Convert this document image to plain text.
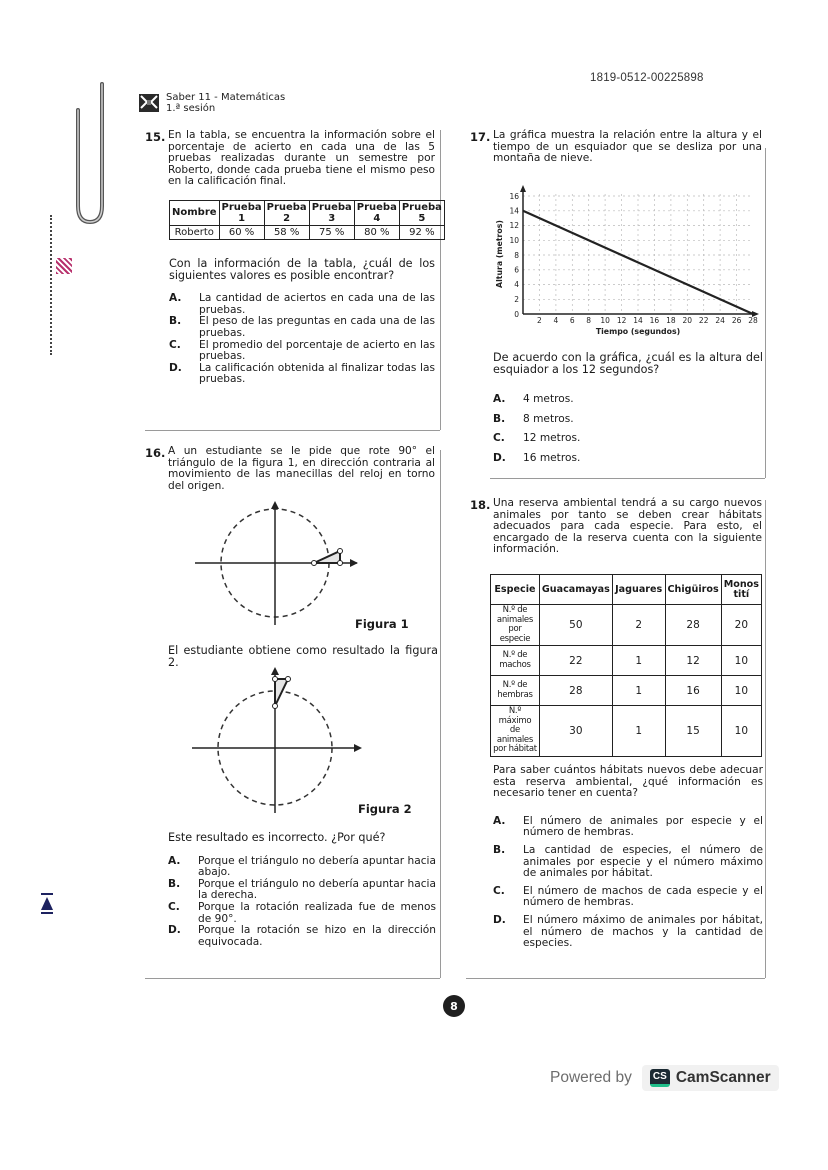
1819-0512-00225898
Saber 11 - Matemáticas
1.ª sesión
15. En la tabla, se encuentra la información sobre el porcentaje de acierto en cada una de las 5 pruebas realizadas durante un semestre por Roberto, donde cada prueba tiene el mismo peso en la calificación final.
Nombre	Prueba 1	Prueba 2	Prueba 3	Prueba 4	Prueba 5
Roberto	60 %	58 %	75 %	80 %	92 %
Con la información de la tabla, ¿cuál de los siguientes valores es posible encontrar?
A.	La cantidad de aciertos en cada una de las pruebas.
B.	El peso de las preguntas en cada una de las pruebas.
C.	El promedio del porcentaje de acierto en las pruebas.
D.	La calificación obtenida al finalizar todas las pruebas.
16. A un estudiante se le pide que rote 90° el triángulo de la figura 1, en dirección contraria al movimiento de las manecillas del reloj en torno del origen.
Figura 1
El estudiante obtiene como resultado la figura 2.
Figura 2
Este resultado es incorrecto. ¿Por qué?
A.	Porque el triángulo no debería apuntar hacia abajo.
B.	Porque el triángulo no debería apuntar hacia la derecha.
C.	Porque la rotación realizada fue de menos de 90°.
D.	Porque la rotación se hizo en la dirección equivocada.
17. La gráfica muestra la relación entre la altura y el tiempo de un esquiador que se desliza por una montaña de nieve.
16
14
12
10
8
6
4
2
0
2 4 6 8 10 12 14 16 18 20 22 24 26 28
Tiempo (segundos)
Altura (metros)
De acuerdo con la gráfica, ¿cuál es la altura del esquiador a los 12 segundos?
A.	4 metros.
B.	8 metros.
C.	12 metros.
D.	16 metros.
18. Una reserva ambiental tendrá a su cargo nuevos animales por tanto se deben crear hábitats adecuados para cada especie. Para esto, el encargado de la reserva cuenta con la siguiente información.
Especie	Guacamayas	Jaguares	Chigüiros	Monos tití
N.º de animales por especie	50	2	28	20
N.º de machos	22	1	12	10
N.º de hembras	28	1	16	10
N.º máximo de animales por hábitat	30	1	15	10
Para saber cuántos hábitats nuevos debe adecuar esta reserva ambiental, ¿qué información es necesario tener en cuenta?
A.	El número de animales por especie y el número de hembras.
B.	La cantidad de especies, el número de animales por especie y el número máximo de animales por hábitat.
C.	El número de machos de cada especie y el número de hembras.
D.	El número máximo de animales por hábitat, el número de machos y la cantidad de especies.
8
Powered by	CS CamScanner
